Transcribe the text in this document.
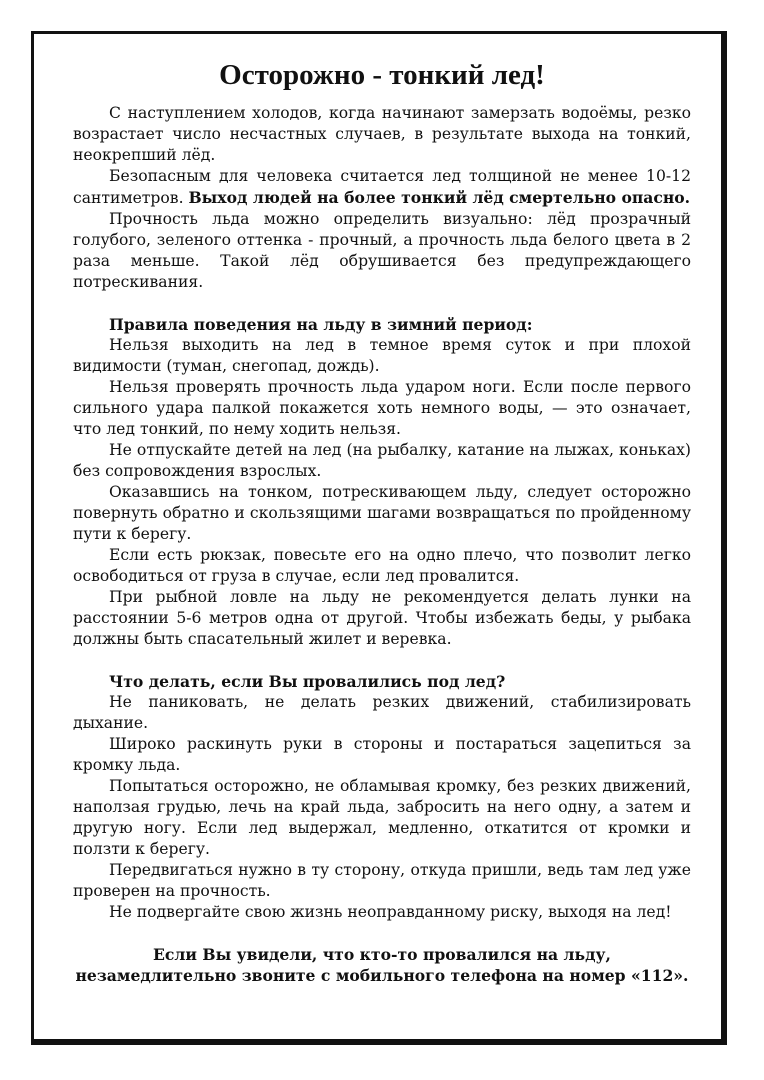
Осторожно - тонкий лед!

С наступлением холодов, когда начинают замерзать водоёмы, резко возрастает число несчастных случаев, в результате выхода на тонкий, неокрепший лёд.

Безопасным для человека считается лед толщиной не менее 10-12 сантиметров. Выход людей на более тонкий лёд смертельно опасно.

Прочность льда можно определить визуально: лёд прозрачный голубого, зеленого оттенка - прочный, а прочность льда белого цвета в 2 раза меньше. Такой лёд обрушивается без предупреждающего потрескивания.

Правила поведения на льду в зимний период:

Нельзя выходить на лед в темное время суток и при плохой видимости (туман, снегопад, дождь).

Нельзя проверять прочность льда ударом ноги. Если после первого сильного удара палкой покажется хоть немного воды, — это означает, что лед тонкий, по нему ходить нельзя.

Не отпускайте детей на лед (на рыбалку, катание на лыжах, коньках) без сопровождения взрослых.

Оказавшись на тонком, потрескивающем льду, следует осторожно повернуть обратно и скользящими шагами возвращаться по пройденному пути к берегу.

Если есть рюкзак, повесьте его на одно плечо, что позволит легко освободиться от груза в случае, если лед провалится.

При рыбной ловле на льду не рекомендуется делать лунки на расстоянии 5-6 метров одна от другой. Чтобы избежать беды, у рыбака должны быть спасательный жилет и веревка.

Что делать, если Вы провалились под лед?

Не паниковать, не делать резких движений, стабилизировать дыхание.

Широко раскинуть руки в стороны и постараться зацепиться за кромку льда.

Попытаться осторожно, не обламывая кромку, без резких движений, наползая грудью, лечь на край льда, забросить на него одну, а затем и другую ногу. Если лед выдержал, медленно, откатится от кромки и ползти к берегу.

Передвигаться нужно в ту сторону, откуда пришли, ведь там лед уже проверен на прочность.

Не подвергайте свою жизнь неоправданному риску, выходя на лед!

Если Вы увидели, что кто-то провалился на льду,
незамедлительно звоните с мобильного телефона на номер «112».
